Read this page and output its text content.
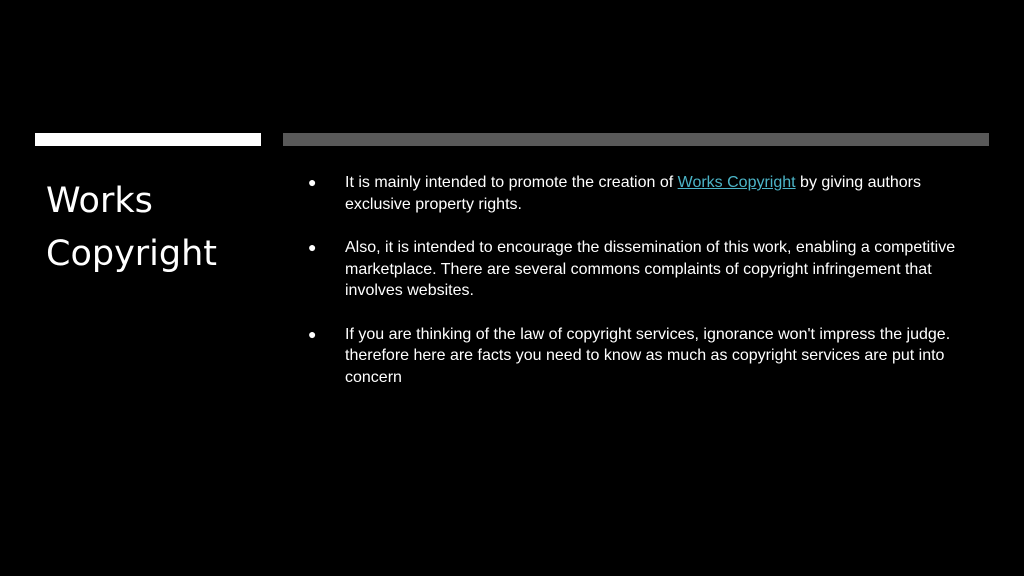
Works
Copyright
●	It is mainly intended to promote the creation of Works Copyright by giving authors exclusive property rights.
●	Also, it is intended to encourage the dissemination of this work, enabling a competitive marketplace. There are several commons complaints of copyright infringement that involves websites.
●	If you are thinking of the law of copyright services, ignorance won't impress the judge. therefore here are facts you need to know as much as copyright services are put into concern
